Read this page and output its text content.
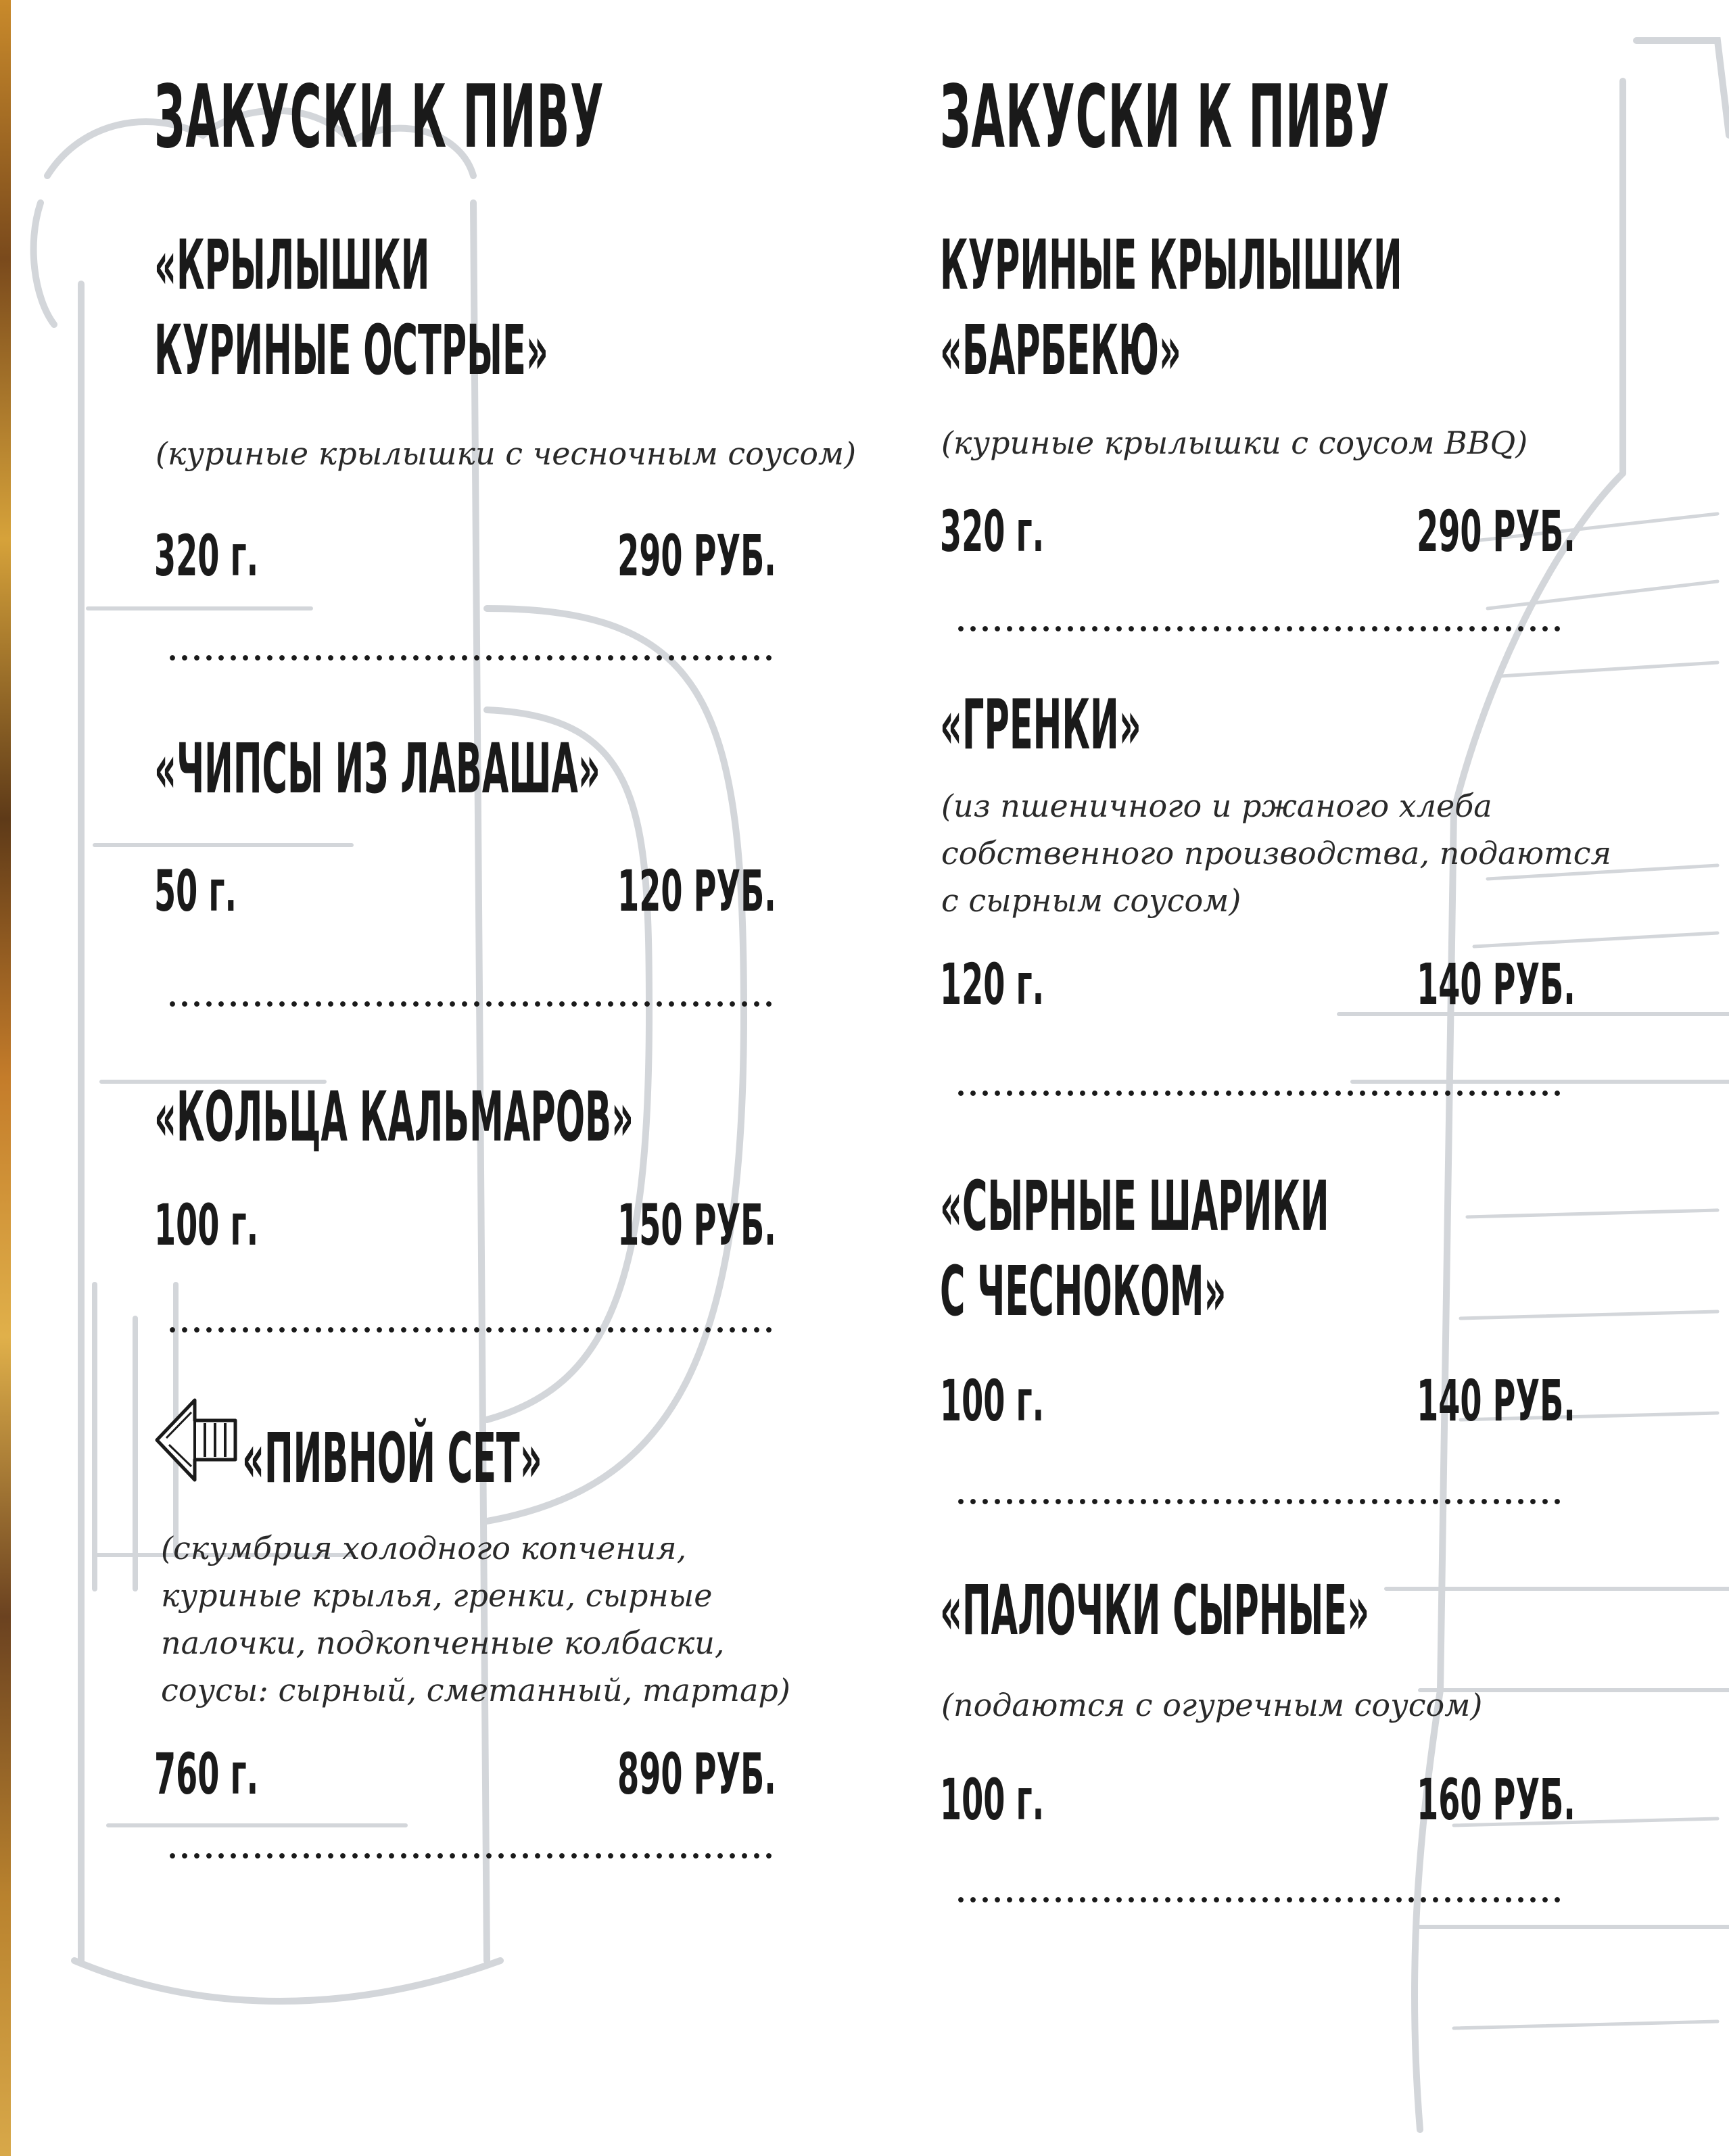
ЗАКУСКИ К ПИВУ
«КРЫЛЫШКИ
КУРИНЫЕ ОСТРЫЕ»
(куриные крылышки с чесночным соусом)
320 г.	290 РУБ.
«ЧИПСЫ ИЗ ЛАВАША»
50 г.	120 РУБ.
«КОЛЬЦА КАЛЬМАРОВ»
100 г.	150 РУБ.
«ПИВНОЙ СЕТ»
(скумбрия холодного копчения,
куриные крылья, гренки, сырные
палочки, подкопченные колбаски,
соусы: сырный, сметанный, тартар)
760 г.	890 РУБ.
ЗАКУСКИ К ПИВУ
КУРИНЫЕ КРЫЛЫШКИ
«БАРБЕКЮ»
(куриные крылышки с соусом BBQ)
320 г.	290 РУБ.
«ГРЕНКИ»
(из пшеничного и ржаного хлеба
собственного производства, подаются
с сырным соусом)
120 г.	140 РУБ.
«СЫРНЫЕ ШАРИКИ
С ЧЕСНОКОМ»
100 г.	140 РУБ.
«ПАЛОЧКИ СЫРНЫЕ»
(подаются с огуречным соусом)
100 г.	160 РУБ.
